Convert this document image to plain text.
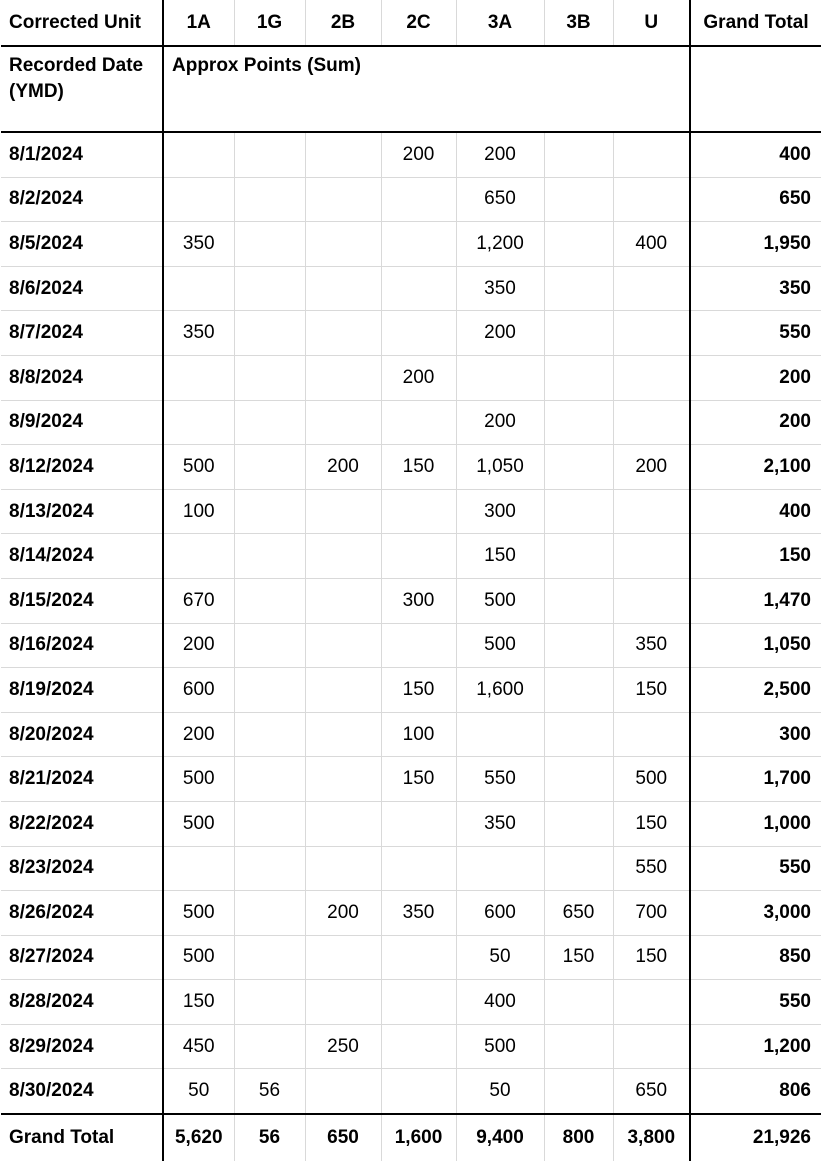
Corrected Unit	1A	1G	2B	2C	3A	3B	U	Grand Total
Recorded Date (YMD)	Approx Points (Sum)							
8/1/2024				200	200			400
8/2/2024					650			650
8/5/2024	350				1,200		400	1,950
8/6/2024					350			350
8/7/2024	350				200			550
8/8/2024				200				200
8/9/2024					200			200
8/12/2024	500		200	150	1,050		200	2,100
8/13/2024	100				300			400
8/14/2024					150			150
8/15/2024	670			300	500			1,470
8/16/2024	200				500		350	1,050
8/19/2024	600			150	1,600		150	2,500
8/20/2024	200			100				300
8/21/2024	500			150	550		500	1,700
8/22/2024	500				350		150	1,000
8/23/2024							550	550
8/26/2024	500		200	350	600	650	700	3,000
8/27/2024	500				50	150	150	850
8/28/2024	150				400			550
8/29/2024	450		250		500			1,200
8/30/2024	50	56			50		650	806
Grand Total	5,620	56	650	1,600	9,400	800	3,800	21,926
